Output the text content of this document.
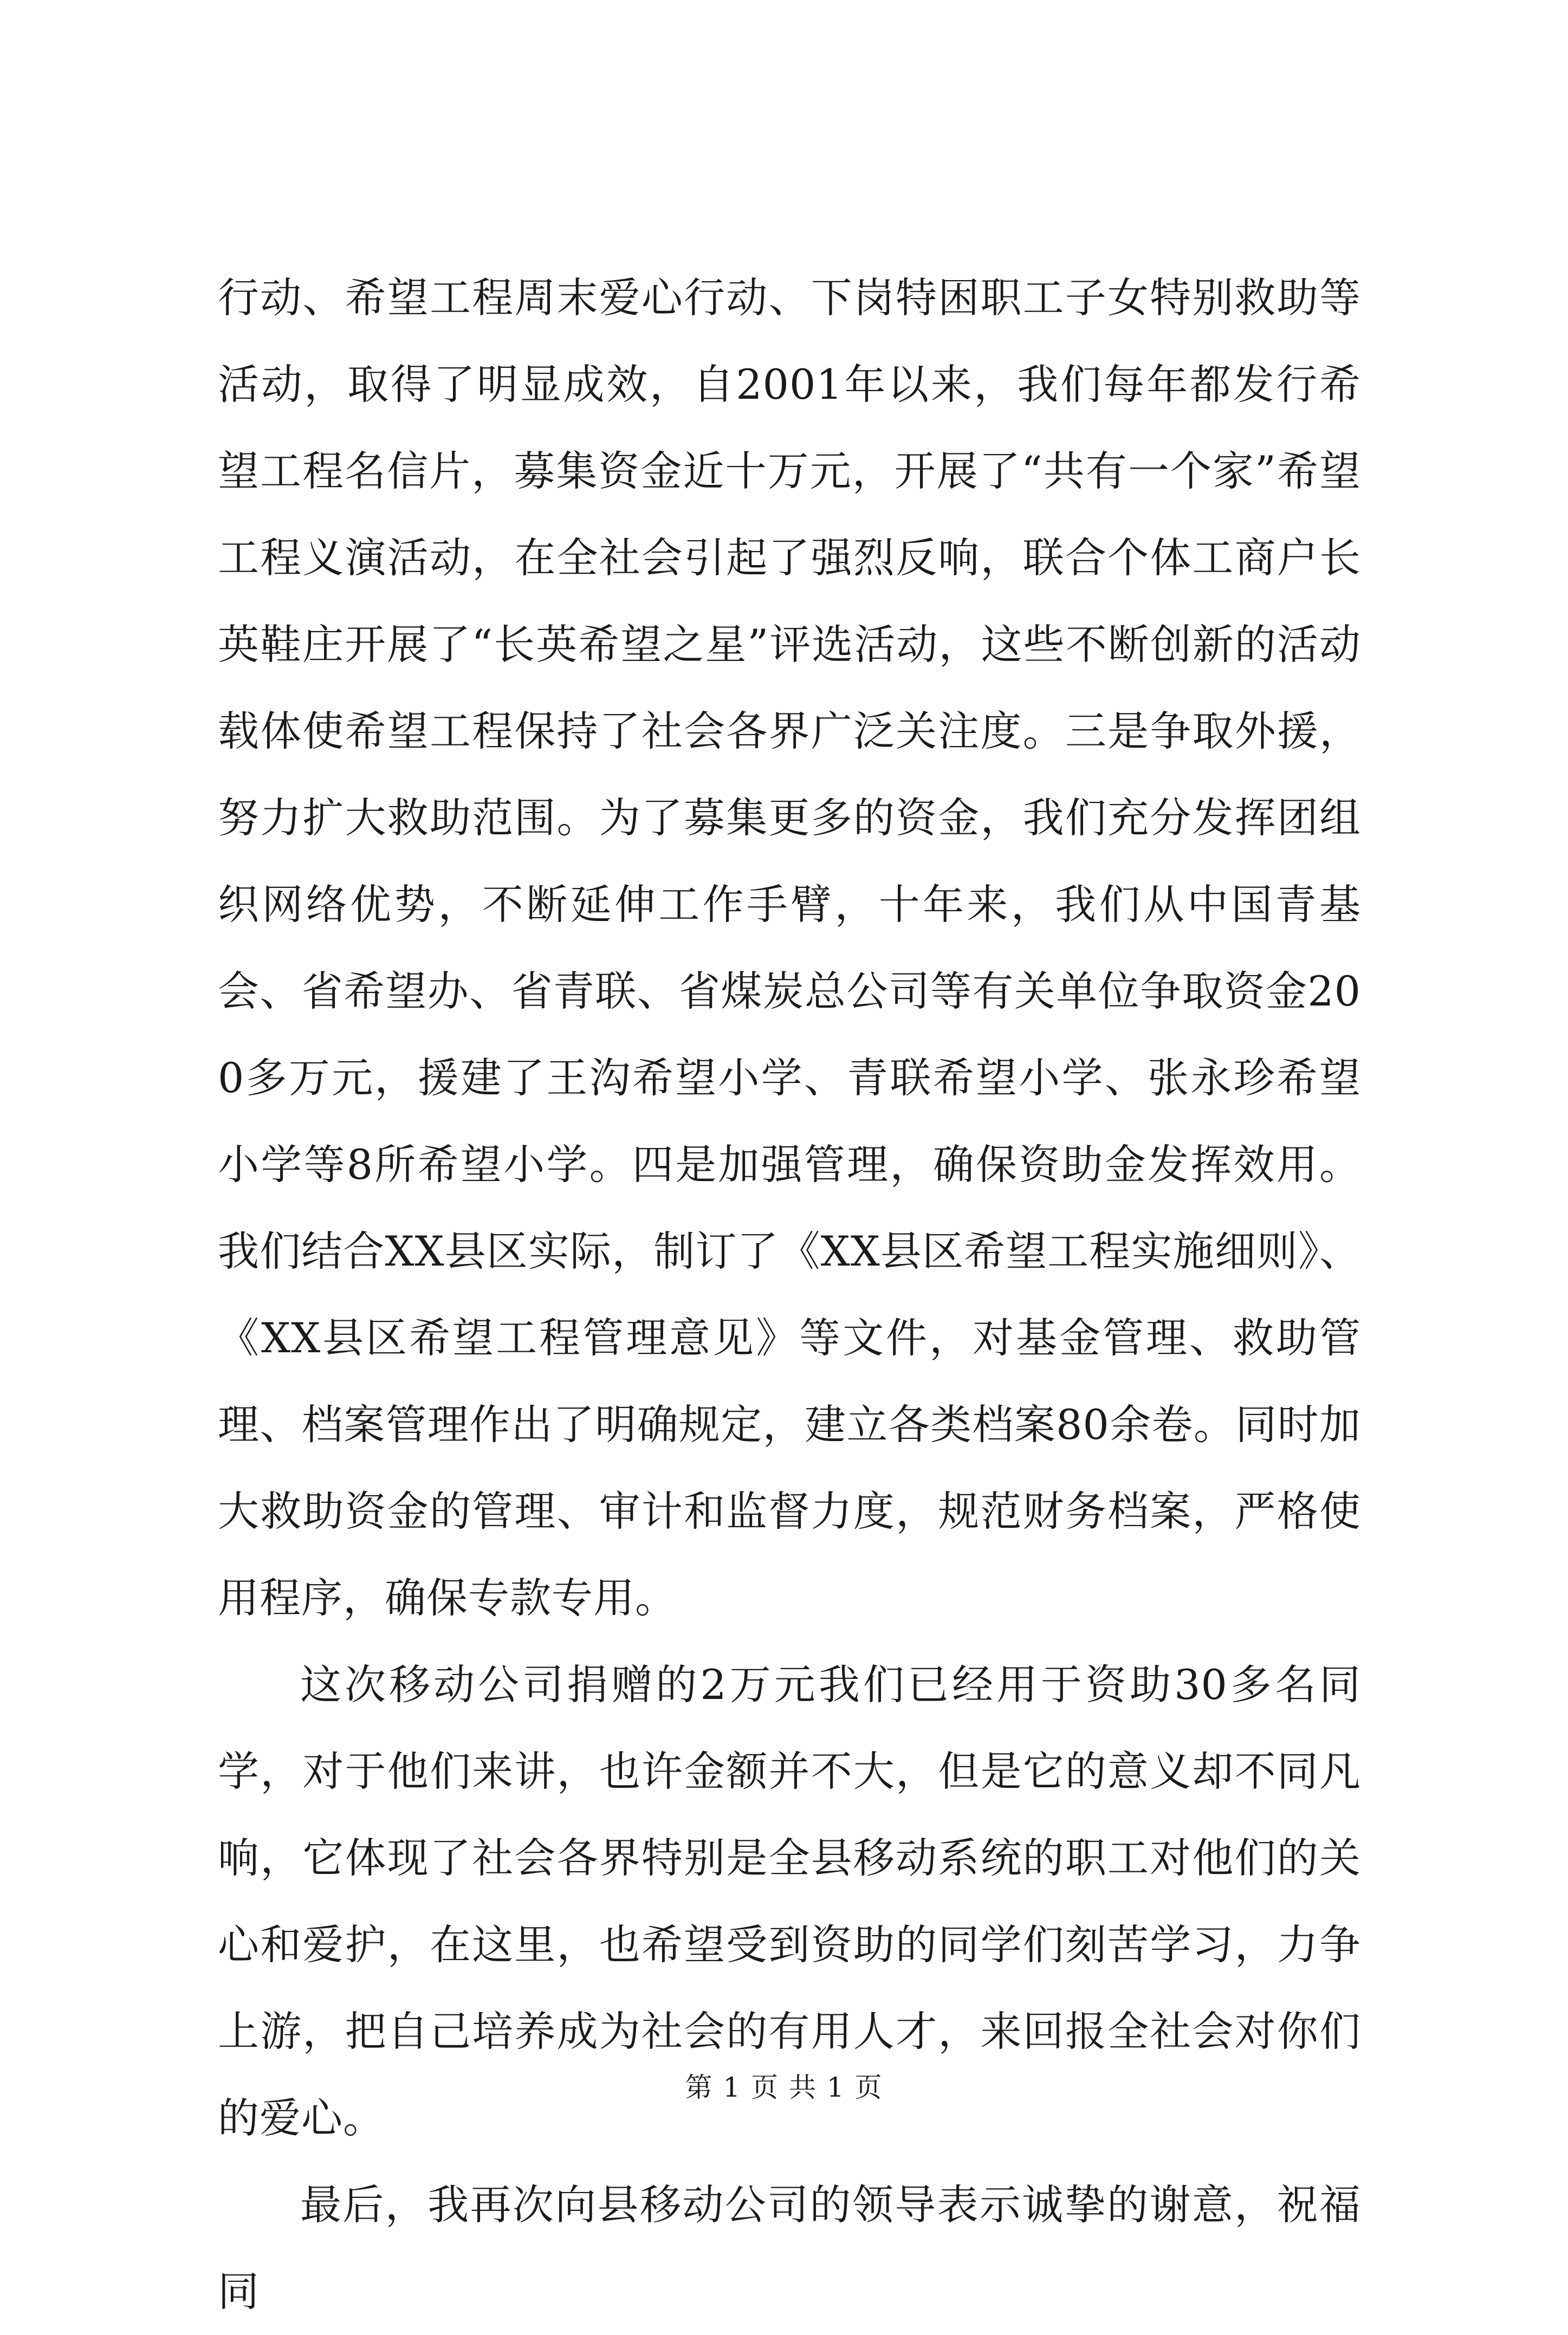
行动、希望工程周末爱心行动、下岗特困职工子女特别救助等活动，取得了明显成效，自2001年以来，我们每年都发行希望工程名信片，募集资金近十万元，开展了“共有一个家”希望工程义演活动，在全社会引起了强烈反响，联合个体工商户长英鞋庄开展了“长英希望之星”评选活动，这些不断创新的活动载体使希望工程保持了社会各界广泛关注度。三是争取外援，努力扩大救助范围。为了募集更多的资金，我们充分发挥团组织网络优势，不断延伸工作手臂，十年来，我们从中国青基会、省希望办、省青联、省煤炭总公司等有关单位争取资金200多万元，援建了王沟希望小学、青联希望小学、张永珍希望小学等8所希望小学。四是加强管理，确保资助金发挥效用。我们结合XX县区实际，制订了《XX县区希望工程实施细则》、《XX县区希望工程管理意见》等文件，对基金管理、救助管理、档案管理作出了明确规定，建立各类档案80余卷。同时加大救助资金的管理、审计和监督力度，规范财务档案，严格使用程序，确保专款专用。

这次移动公司捐赠的2万元我们已经用于资助30多名同学，对于他们来讲，也许金额并不大，但是它的意义却不同凡响，它体现了社会各界特别是全县移动系统的职工对他们的关心和爱护，在这里，也希望受到资助的同学们刻苦学习，力争上游，把自己培养成为社会的有用人才，来回报全社会对你们的爱心。

最后，我再次向县移动公司的领导表示诚挚的谢意，祝福同

第 1 页 共 1 页
